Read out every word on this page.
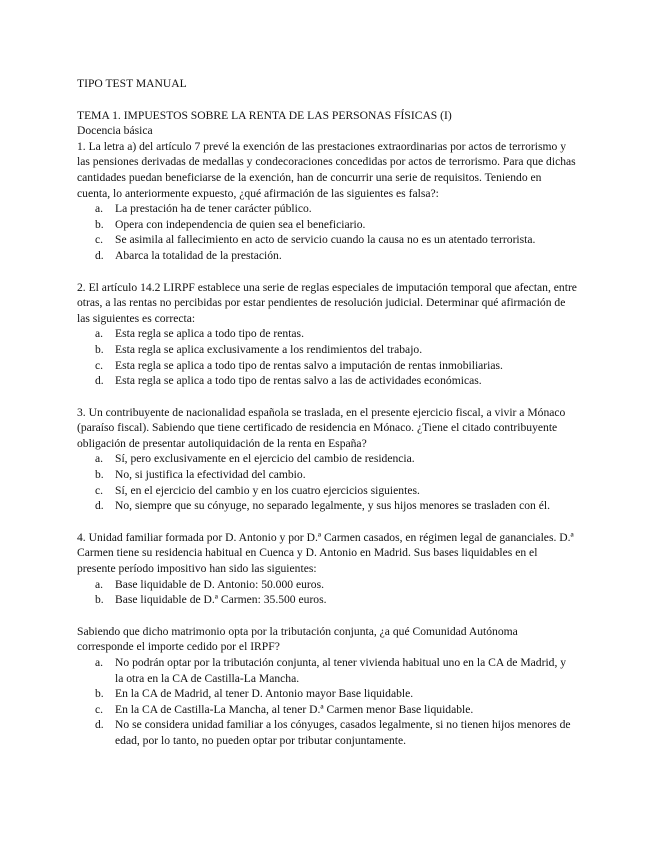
TIPO TEST MANUAL

TEMA 1. IMPUESTOS SOBRE LA RENTA DE LAS PERSONAS FÍSICAS (I)

Docencia básica

1. La letra a) del artículo 7 prevé la exención de las prestaciones extraordinarias por actos de terrorismo y las pensiones derivadas de medallas y condecoraciones concedidas por actos de terrorismo. Para que dichas cantidades puedan beneficiarse de la exención, han de concurrir una serie de requisitos. Teniendo en cuenta, lo anteriormente expuesto, ¿qué afirmación de las siguientes es falsa?:

a. La prestación ha de tener carácter público.
b. Opera con independencia de quien sea el beneficiario.
c. Se asimila al fallecimiento en acto de servicio cuando la causa no es un atentado terrorista.
d. Abarca la totalidad de la prestación.

2. El artículo 14.2 LIRPF establece una serie de reglas especiales de imputación temporal que afectan, entre otras, a las rentas no percibidas por estar pendientes de resolución judicial. Determinar qué afirmación de las siguientes es correcta:

a. Esta regla se aplica a todo tipo de rentas.
b. Esta regla se aplica exclusivamente a los rendimientos del trabajo.
c. Esta regla se aplica a todo tipo de rentas salvo a imputación de rentas inmobiliarias.
d. Esta regla se aplica a todo tipo de rentas salvo a las de actividades económicas.

3. Un contribuyente de nacionalidad española se traslada, en el presente ejercicio fiscal, a vivir a Mónaco (paraíso fiscal). Sabiendo que tiene certificado de residencia en Mónaco. ¿Tiene el citado contribuyente obligación de presentar autoliquidación de la renta en España?

a. Sí, pero exclusivamente en el ejercicio del cambio de residencia.
b. No, si justifica la efectividad del cambio.
c. Sí, en el ejercicio del cambio y en los cuatro ejercicios siguientes.
d. No, siempre que su cónyuge, no separado legalmente, y sus hijos menores se trasladen con él.

4. Unidad familiar formada por D. Antonio y por D.ª Carmen casados, en régimen legal de gananciales. D.ª Carmen tiene su residencia habitual en Cuenca y D. Antonio en Madrid. Sus bases liquidables en el presente período impositivo han sido las siguientes:

a. Base liquidable de D. Antonio: 50.000 euros.
b. Base liquidable de D.ª Carmen: 35.500 euros.

Sabiendo que dicho matrimonio opta por la tributación conjunta, ¿a qué Comunidad Autónoma corresponde el importe cedido por el IRPF?

a. No podrán optar por la tributación conjunta, al tener vivienda habitual uno en la CA de Madrid, y la otra en la CA de Castilla-La Mancha.
b. En la CA de Madrid, al tener D. Antonio mayor Base liquidable.
c. En la CA de Castilla-La Mancha, al tener D.ª Carmen menor Base liquidable.
d. No se considera unidad familiar a los cónyuges, casados legalmente, si no tienen hijos menores de edad, por lo tanto, no pueden optar por tributar conjuntamente.
